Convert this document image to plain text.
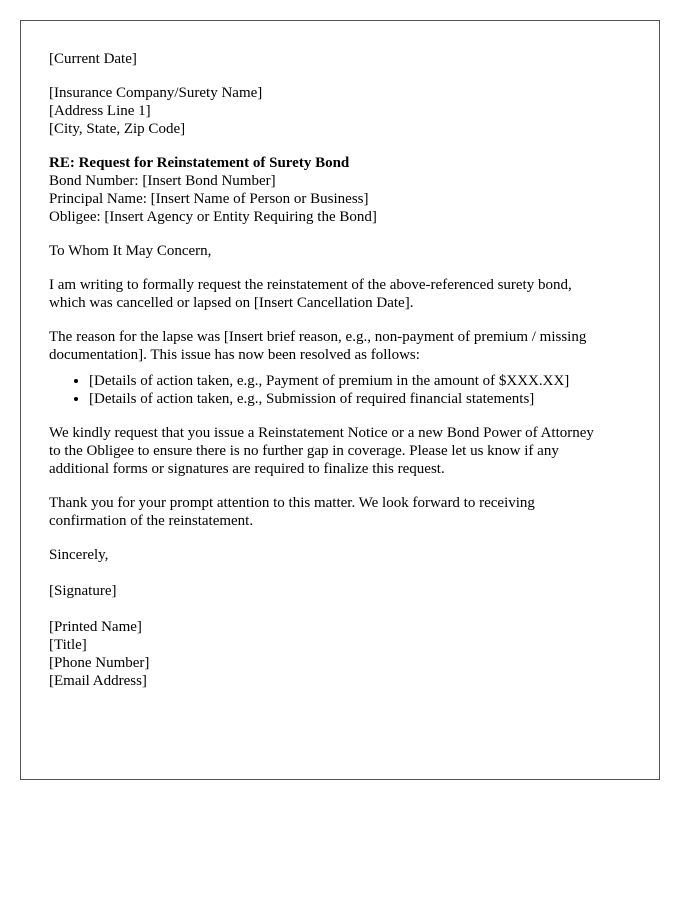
[Current Date]
[Insurance Company/Surety Name]
[Address Line 1]
[City, State, Zip Code]
RE: Request for Reinstatement of Surety Bond
Bond Number: [Insert Bond Number]
Principal Name: [Insert Name of Person or Business]
Obligee: [Insert Agency or Entity Requiring the Bond]
To Whom It May Concern,
I am writing to formally request the reinstatement of the above-referenced surety bond,
which was cancelled or lapsed on [Insert Cancellation Date].
The reason for the lapse was [Insert brief reason, e.g., non-payment of premium / missing
documentation]. This issue has now been resolved as follows:
• [Details of action taken, e.g., Payment of premium in the amount of $XXX.XX]
• [Details of action taken, e.g., Submission of required financial statements]
We kindly request that you issue a Reinstatement Notice or a new Bond Power of Attorney
to the Obligee to ensure there is no further gap in coverage. Please let us know if any
additional forms or signatures are required to finalize this request.
Thank you for your prompt attention to this matter. We look forward to receiving
confirmation of the reinstatement.
Sincerely,
[Signature]
[Printed Name]
[Title]
[Phone Number]
[Email Address]
